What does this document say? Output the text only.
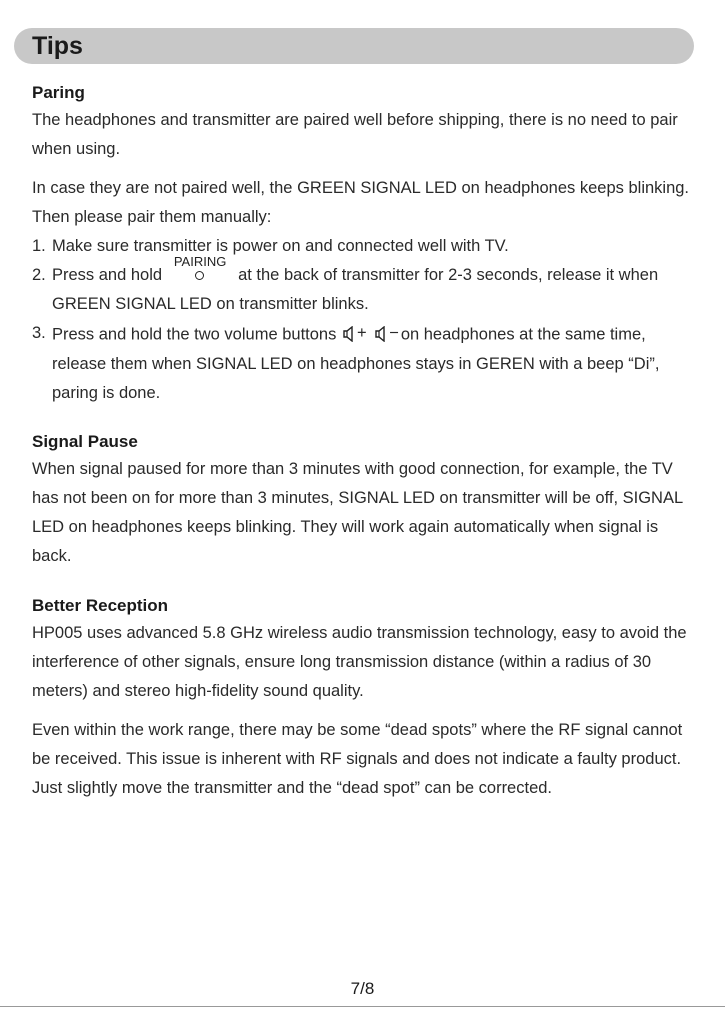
Tips
Paring

The headphones and transmitter are paired well before shipping, there is no need to pair when using.

In case they are not paired well, the GREEN SIGNAL LED on headphones keeps blinking. Then please pair them manually:

1. Make sure transmitter is power on and connected well with TV.
2. Press and hold
PAIRING
at the back of transmitter for 2-3 seconds, release it when GREEN SIGNAL LED on transmitter blinks.
3. Press and hold the two volume buttons +
− on headphones at the same time, release them when SIGNAL LED on headphones stays in GEREN with a beep “Di”, paring is done.
Signal Pause

When signal paused for more than 3 minutes with good connection, for example, the TV has not been on for more than 3 minutes, SIGNAL LED on transmitter will be off, SIGNAL LED on headphones keeps blinking. They will work again automatically when signal is back.

Better Reception

HP005 uses advanced 5.8 GHz wireless audio transmission technology, easy to avoid the interference of other signals, ensure long transmission distance (within a radius of 30 meters) and stereo high-fidelity sound quality.

Even within the work range, there may be some “dead spots” where the RF signal cannot be received. This issue is inherent with RF signals and does not indicate a faulty product. Just slightly move the transmitter and the “dead spot” can be corrected.

7/8
